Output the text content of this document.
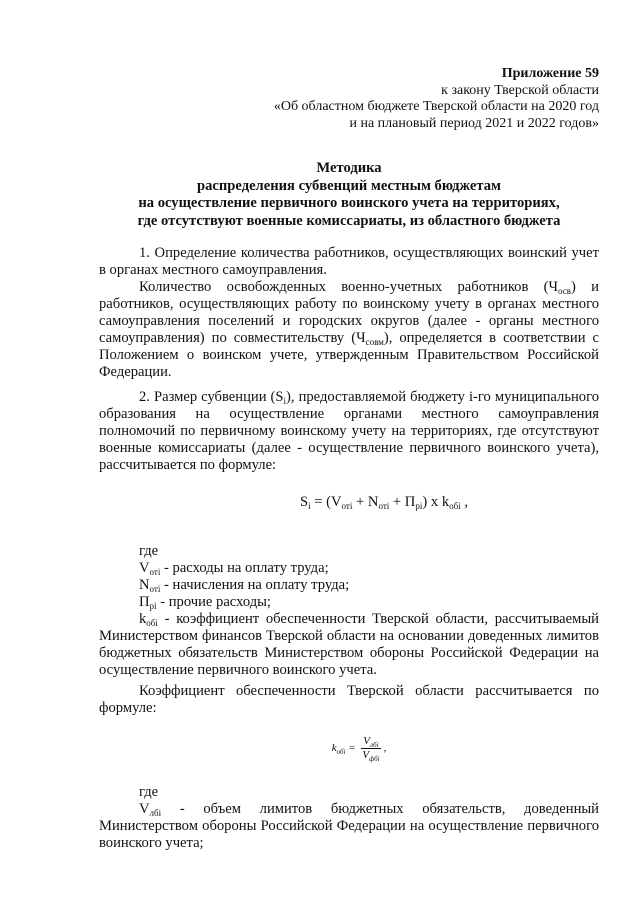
Приложение 59
к закону Тверской области
«Об областном бюджете Тверской области на 2020 год
и на плановый период 2021 и 2022 годов»
Методика
распределения субвенций местным бюджетам
на осуществление первичного воинского учета на территориях,
где отсутствуют военные комиссариаты, из областного бюджета

1. Определение количества работников, осуществляющих воинский учет в органах местного самоуправления.

Количество освобожденных военно-учетных работников $(Ч_{осв})$ и работников, осуществляющих работу по воинскому учету в органах местного самоуправления поселений и городских округов (далее - органы местного самоуправления) по совместительству $(Ч_{совм})$, определяется в соответствии с Положением о воинском учете, утвержденным Правительством Российской Федерации.

2. Размер субвенции $(S_i)$, предоставляемой бюджету i-го муниципального образования на осуществление органами местного самоуправления полномочий по первичному воинскому учету на территориях, где отсутствуют военные комиссариаты (далее - осуществление первичного воинского учета), рассчитывается по формуле:

$S_i = (V_{оті} + N_{оті} + П_{рі})$ x $k_{обі}$ ,
где
$V_{оті}$ - расходы на оплату труда;
$N_{оті}$ - начисления на оплату труда;
$П_{рі}$ - прочие расходы;

$k_{обі}$ - коэффициент обеспеченности Тверской области, рассчитываемый Министерством финансов Тверской области на основании доведенных лимитов бюджетных обязательств Министерством обороны Российской Федерации на осуществление первичного воинского учета.

Коэффициент обеспеченности Тверской области рассчитывается по формуле:

$k_{обі} = \frac{V_{лбі}}{V_{фбі}}$ ,
где

$V_{лбі}$ - объем лимитов бюджетных обязательств, доведенный Министерством обороны Российской Федерации на осуществление первичного воинского учета;
